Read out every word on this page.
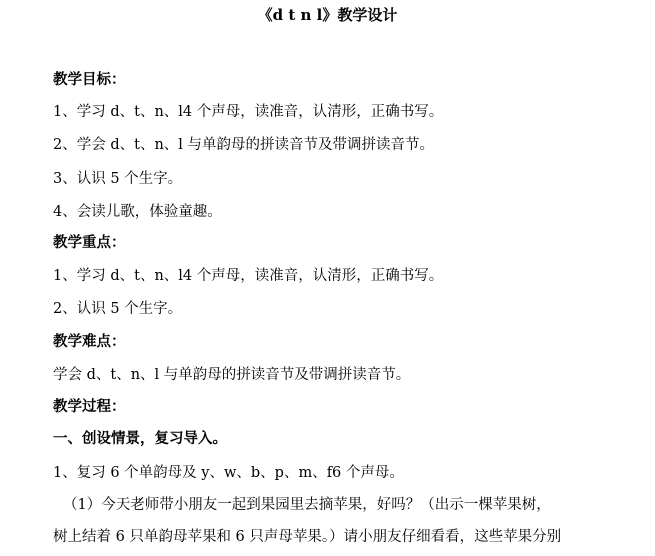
《d t n l》教学设计
教学目标：
1、学习 d、t、n、l4 个声母，读准音，认清形，正确书写。
2、学会 d、t、n、l 与单韵母的拼读音节及带调拼读音节。
3、认识 5 个生字。
4、会读儿歌，体验童趣。
教学重点：
1、学习 d、t、n、l4 个声母，读准音，认清形，正确书写。
2、认识 5 个生字。
教学难点：
学会 d、t、n、l 与单韵母的拼读音节及带调拼读音节。
教学过程：
一、创设情景，复习导入。
1、复习 6 个单韵母及 y、w、b、p、m、f6 个声母。
（1）今天老师带小朋友一起到果园里去摘苹果，好吗？（出示一棵苹果树，
树上结着 6 只单韵母苹果和 6 只声母苹果。）请小朋友仔细看看，这些苹果分别
